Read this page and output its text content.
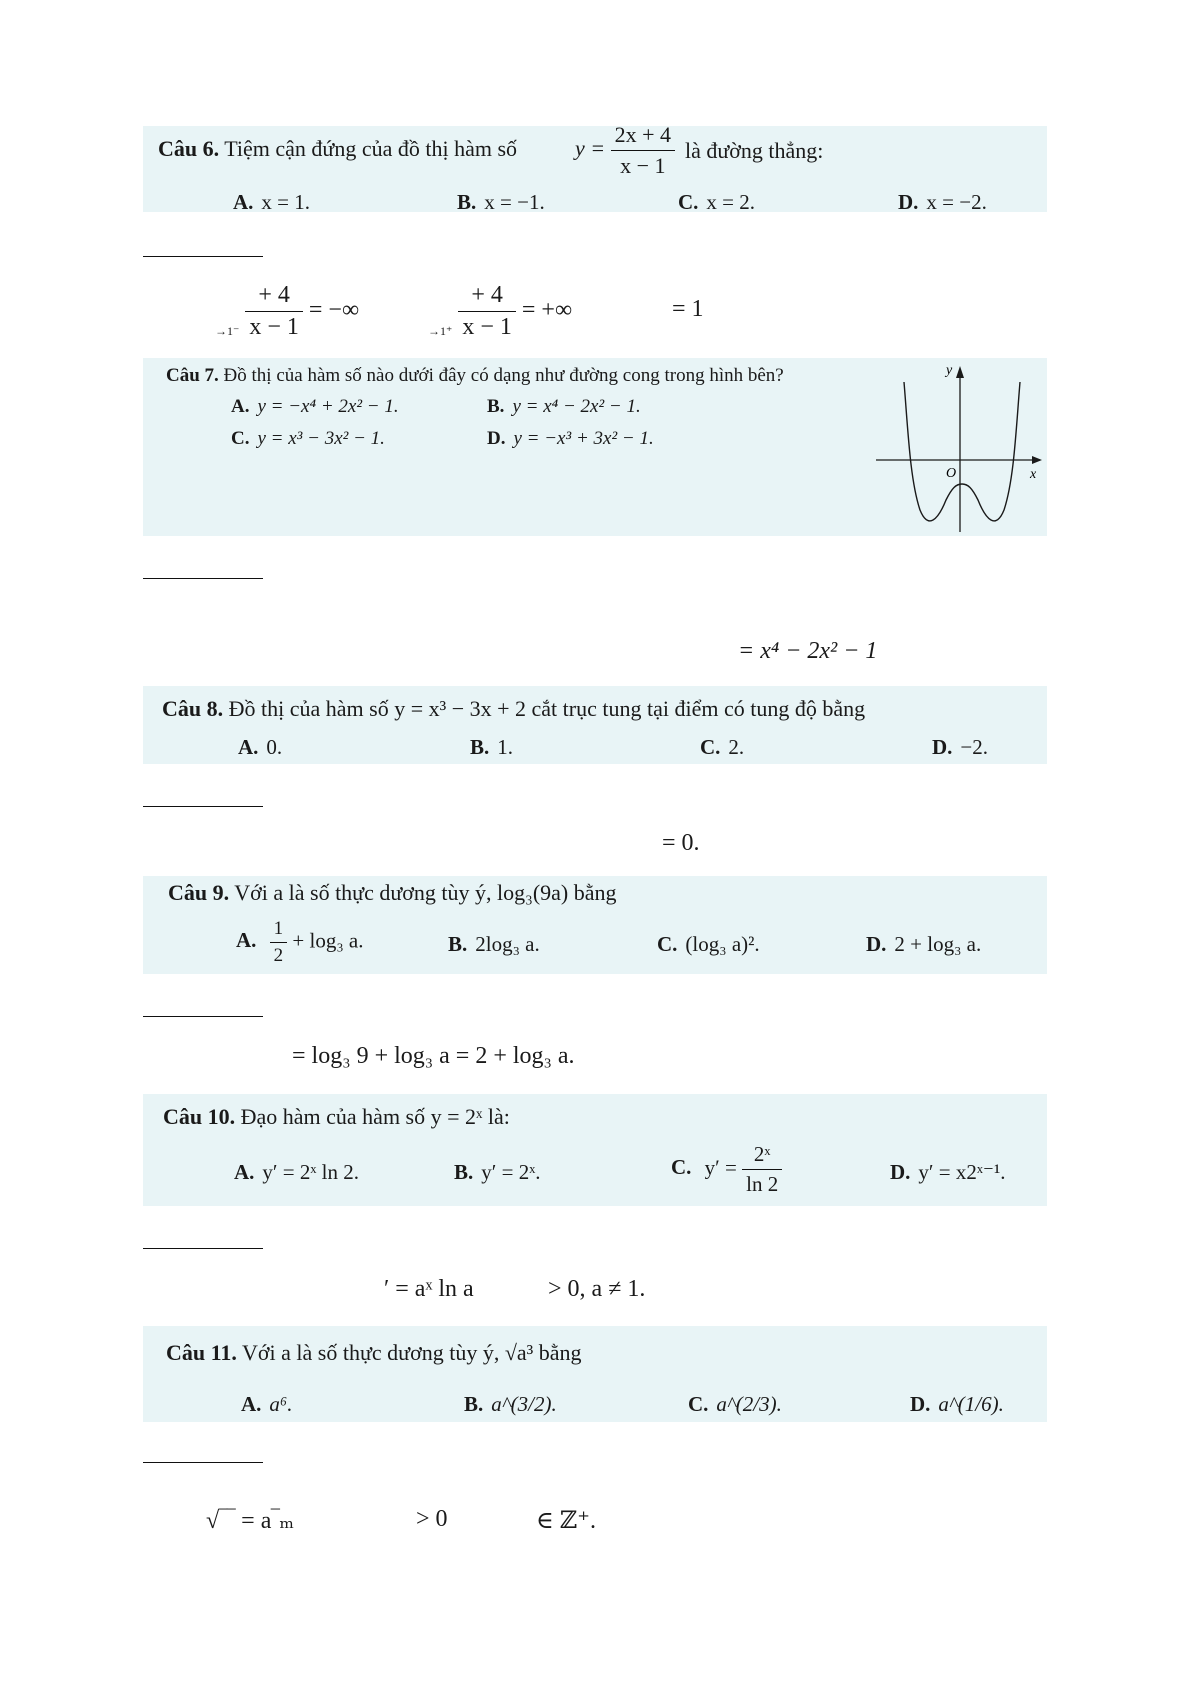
Câu 6. Tiệm cận đứng của đồ thị hàm số	$y = \frac{2x + 4}{x - 1}$ là đường thẳng:
A. x = 1.	B. x = −1.	C. x = 2.	D. x = −2.
$_{\to 1^-} \frac{+ 4}{x - 1}$ = −∞
$_{\to 1^+} \frac{+ 4}{x - 1}$ = +∞	= 1
Câu 7. Đồ thị của hàm số nào dưới đây có dạng như đường cong trong hình bên?
A. y = −x⁴ + 2x² − 1.	B. y = x⁴ − 2x² − 1.
C. y = x³ − 3x² − 1.	D. y = −x³ + 3x² − 1.
y
x
O
= x⁴ − 2x² − 1
Câu 8. Đồ thị của hàm số y = x³ − 3x + 2 cắt trục tung tại điểm có tung độ bằng
A. 0.	B. 1.	C. 2.	D. −2.
= 0.
Câu 9. Với a là số thực dương tùy ý, log₃(9a) bằng
A. $\frac{1}{2} + \log_3$ a.	B. 2log₃ a.	C. (log₃ a)².	D. 2 + log₃ a.
= log₃ 9 + log₃ a = 2 + log₃ a.
Câu 10. Đạo hàm của hàm số y = 2ˣ là:
A. y′ = 2ˣ ln 2.	B. y′ = 2ˣ.	C. $y' = \frac{\text{2ˣ}}{\ln 2}$	D. y′ = x2ˣ⁻¹.
′ = aˣ ln a	> 0, a ≠ 1.
Câu 11. Với a là số thực dương tùy ý, √a³ bằng
A. a⁶.	B. a^(3/2).	C. a^(2/3).	D. a^(1/6).
√‾‾ = a‾ₘ	> 0	∈ ℤ⁺.
